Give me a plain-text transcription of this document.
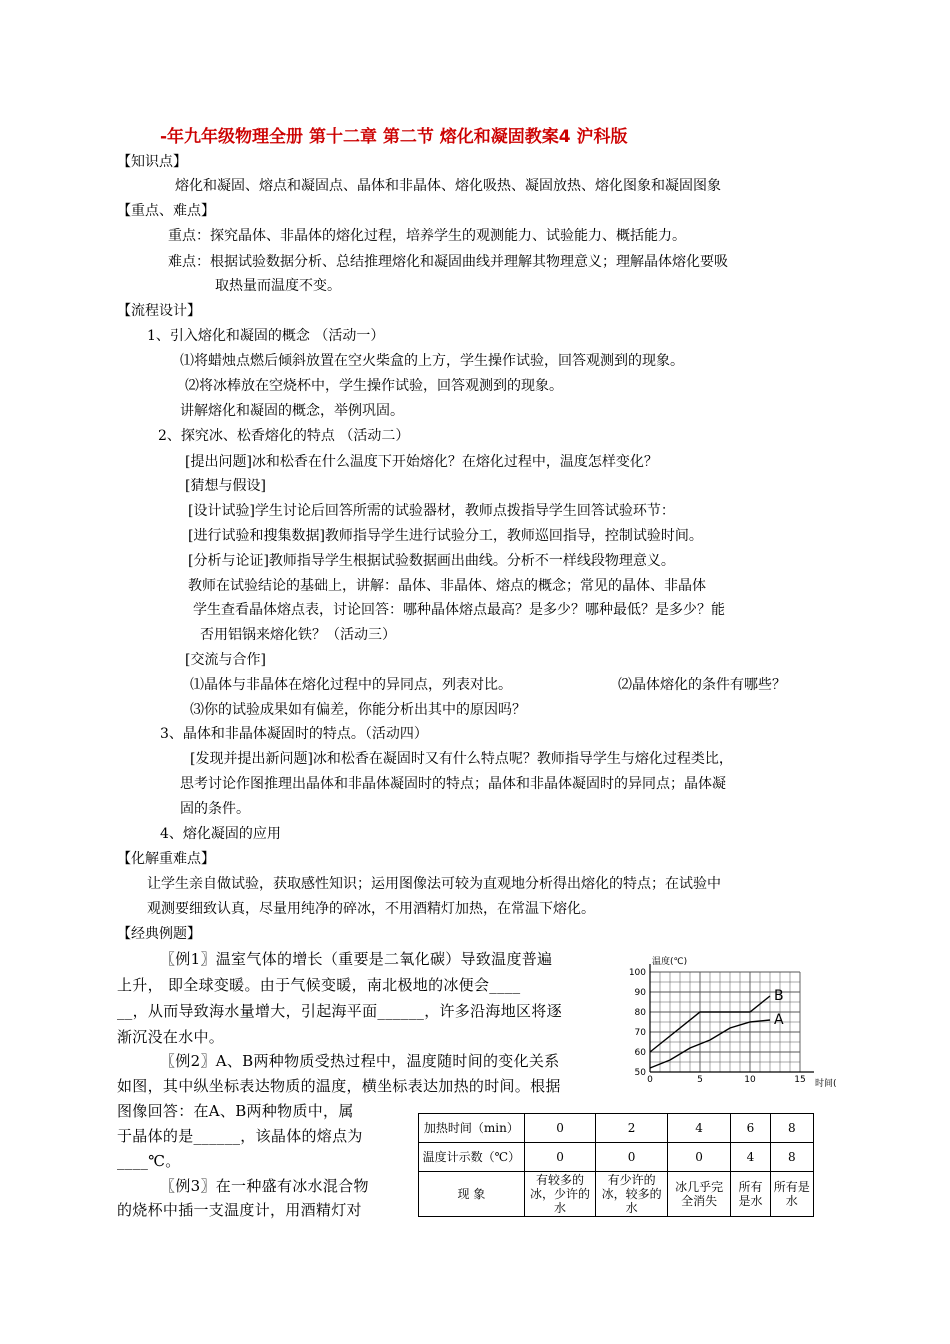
-年九年级物理全册 第十二章 第二节 熔化和凝固教案4 沪科版
【知识点】
熔化和凝固、熔点和凝固点、晶体和非晶体、熔化吸热、凝固放热、熔化图象和凝固图象
【重点、难点】
重点：探究晶体、非晶体的熔化过程，培养学生的观测能力、试验能力、概括能力。
难点：根据试验数据分析、总结推理熔化和凝固曲线并理解其物理意义；理解晶体熔化要吸
取热量而温度不变。
【流程设计】
1、引入熔化和凝固的概念 （活动一）
⑴将蜡烛点燃后倾斜放置在空火柴盒的上方，学生操作试验，回答观测到的现象。
⑵将冰棒放在空烧杯中，学生操作试验，回答观测到的现象。
讲解熔化和凝固的概念，举例巩固。
2、探究冰、松香熔化的特点 （活动二）
[提出问题]冰和松香在什么温度下开始熔化？在熔化过程中，温度怎样变化？
[猜想与假设]
[设计试验]学生讨论后回答所需的试验器材，教师点拨指导学生回答试验环节：
[进行试验和搜集数据]教师指导学生进行试验分工，教师巡回指导，控制试验时间。
[分析与论证]教师指导学生根据试验数据画出曲线。分析不一样线段物理意义。
教师在试验结论的基础上，讲解：晶体、非晶体、熔点的概念；常见的晶体、非晶体
学生查看晶体熔点表，讨论回答：哪种晶体熔点最高？是多少？哪种最低？是多少？能
否用铝锅来熔化铁？（活动三）
[交流与合作]
⑴晶体与非晶体在熔化过程中的异同点，列表对比。	⑵晶体熔化的条件有哪些？
⑶你的试验成果如有偏差，你能分析出其中的原因吗？
3、晶体和非晶体凝固时的特点。（活动四）
[发现并提出新问题]冰和松香在凝固时又有什么特点呢？教师指导学生与熔化过程类比，
思考讨论作图推理出晶体和非晶体凝固时的特点；晶体和非晶体凝固时的异同点；晶体凝
固的条件。
4、熔化凝固的应用
【化解重难点】
让学生亲自做试验，获取感性知识；运用图像法可较为直观地分析得出熔化的特点；在试验中
观测要细致认真，尽量用纯净的碎冰，不用酒精灯加热，在常温下熔化。
【经典例题】
〖例1〗温室气体的增长（重要是二氧化碳）导致温度普遍
上升， 即全球变暖。由于气候变暖，南北极地的冰便会____
__，从而导致海水量增大，引起海平面______，许多沿海地区将逐
渐沉没在水中。
〖例2〗A、B两种物质受热过程中，温度随时间的变化关系
如图，其中纵坐标表达物质的温度，横坐标表达加热的时间。根据
图像回答：在A、B两种物质中，属
于晶体的是______，该晶体的熔点为
____℃。
〖例3〗在一种盛有冰水混合物
的烧杯中插一支温度计，用酒精灯对
100
90
80
70
60
50
0	5	10	15
B
A
温度(℃)
时间(
加热时间（min）	0	2	4	6	8
温度计示数（℃）	0	0	0	4	8
现 象	有较多的冰，少许的水	有少许的冰，较多的水	冰几乎完全消失	所有是水	所有是水
